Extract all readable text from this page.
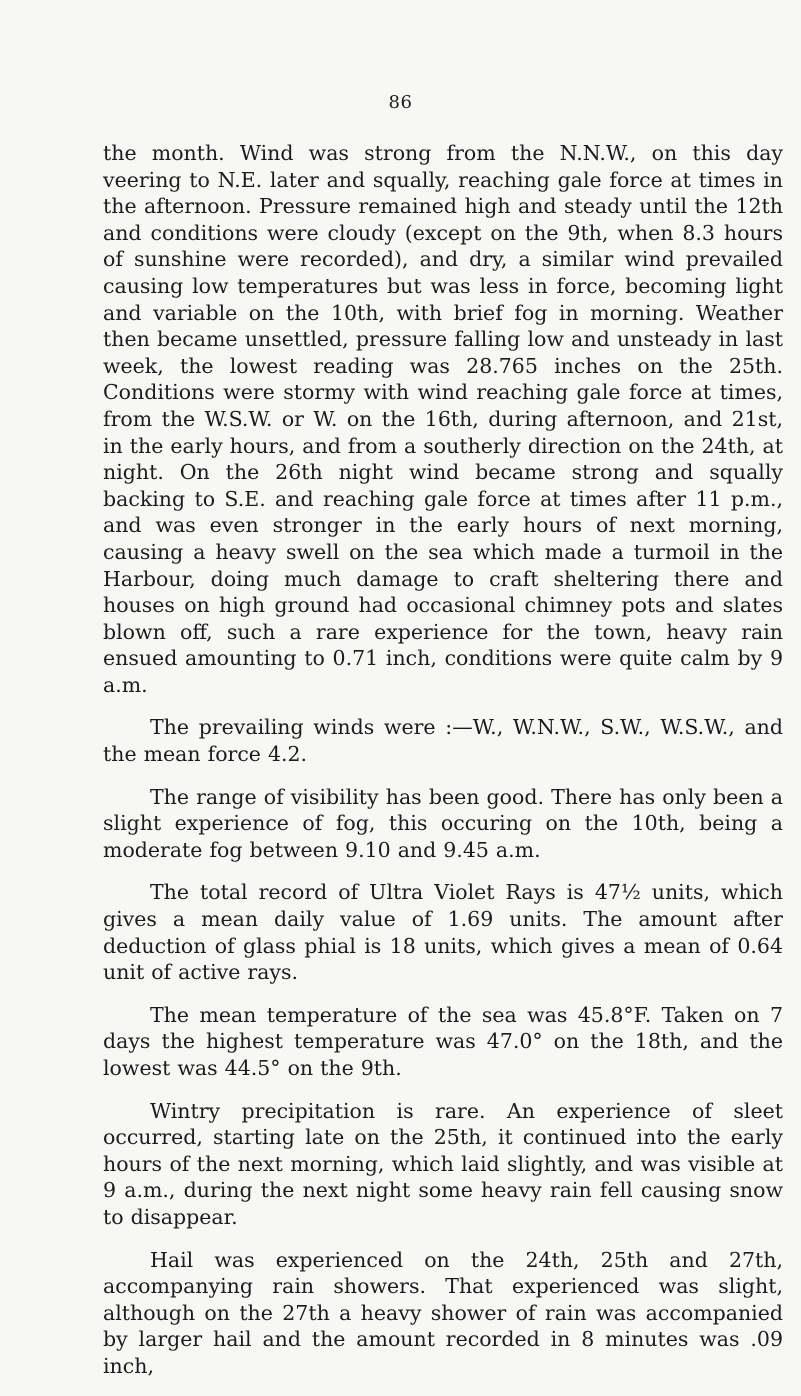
86

the month. Wind was strong from the N.N.W., on this day veering to N.E. later and squally, reaching gale force at times in the afternoon. Pressure remained high and steady until the 12th and conditions were cloudy (except on the 9th, when 8.3 hours of sunshine were recorded), and dry, a similar wind prevailed causing low temperatures but was less in force, becoming light and variable on the 10th, with brief fog in morning. Weather then became unsettled, pressure falling low and unsteady in last week, the lowest reading was 28.765 inches on the 25th. Conditions were stormy with wind reaching gale force at times, from the W.S.W. or W. on the 16th, during afternoon, and 21st, in the early hours, and from a southerly direction on the 24th, at night. On the 26th night wind became strong and squally backing to S.E. and reaching gale force at times after 11 p.m., and was even stronger in the early hours of next morning, causing a heavy swell on the sea which made a turmoil in the Harbour, doing much damage to craft sheltering there and houses on high ground had occasional chimney pots and slates blown off, such a rare experience for the town, heavy rain ensued amounting to 0.71 inch, conditions were quite calm by 9 a.m.

The prevailing winds were :—W., W.N.W., S.W., W.S.W., and the mean force 4.2.

The range of visibility has been good. There has only been a slight experience of fog, this occuring on the 10th, being a moderate fog between 9.10 and 9.45 a.m.

The total record of Ultra Violet Rays is 47½ units, which gives a mean daily value of 1.69 units. The amount after deduction of glass phial is 18 units, which gives a mean of 0.64 unit of active rays.

The mean temperature of the sea was 45.8°F. Taken on 7 days the highest temperature was 47.0° on the 18th, and the lowest was 44.5° on the 9th.

Wintry precipitation is rare. An experience of sleet occurred, starting late on the 25th, it continued into the early hours of the next morning, which laid slightly, and was visible at 9 a.m., during the next night some heavy rain fell causing snow to disappear.

Hail was experienced on the 24th, 25th and 27th, accompanying rain showers. That experienced was slight, although on the 27th a heavy shower of rain was accompanied by larger hail and the amount recorded in 8 minutes was .09 inch,
